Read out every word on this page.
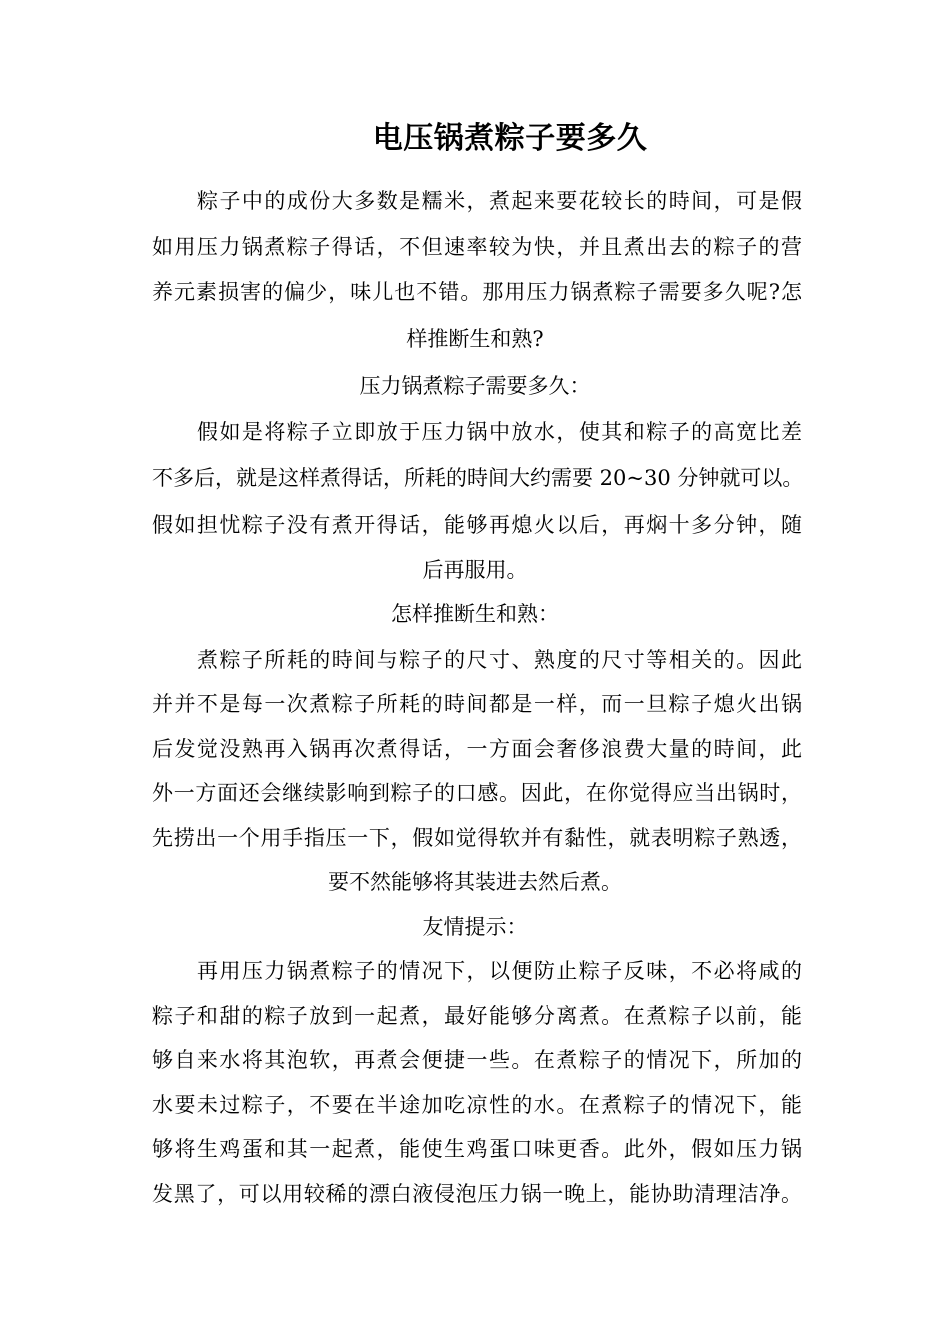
电压锅煮粽子要多久
粽子中的成份大多数是糯米，煮起来要花较长的時间，可是假
如用压力锅煮粽子得话，不但速率较为快，并且煮出去的粽子的营
养元素损害的偏少，味儿也不错。那用压力锅煮粽子需要多久呢?怎
样推断生和熟?
压力锅煮粽子需要多久：
假如是将粽子立即放于压力锅中放水，使其和粽子的高宽比差
不多后，就是这样煮得话，所耗的時间大约需要 20~30 分钟就可以。
假如担忧粽子没有煮开得话，能够再熄火以后，再焖十多分钟，随
后再服用。
怎样推断生和熟：
煮粽子所耗的時间与粽子的尺寸、熟度的尺寸等相关的。因此
并并不是每一次煮粽子所耗的時间都是一样，而一旦粽子熄火出锅
后发觉没熟再入锅再次煮得话，一方面会奢侈浪费大量的時间，此
外一方面还会继续影响到粽子的口感。因此，在你觉得应当出锅时，
先捞出一个用手指压一下，假如觉得软并有黏性，就表明粽子熟透，
要不然能够将其装进去然后煮。
友情提示：
再用压力锅煮粽子的情况下，以便防止粽子反味，不必将咸的
粽子和甜的粽子放到一起煮，最好能够分离煮。在煮粽子以前，能
够自来水将其泡软，再煮会便捷一些。在煮粽子的情况下，所加的
水要未过粽子，不要在半途加吃凉性的水。在煮粽子的情况下，能
够将生鸡蛋和其一起煮，能使生鸡蛋口味更香。此外，假如压力锅
发黑了，可以用较稀的漂白液侵泡压力锅一晚上，能协助清理洁净。
